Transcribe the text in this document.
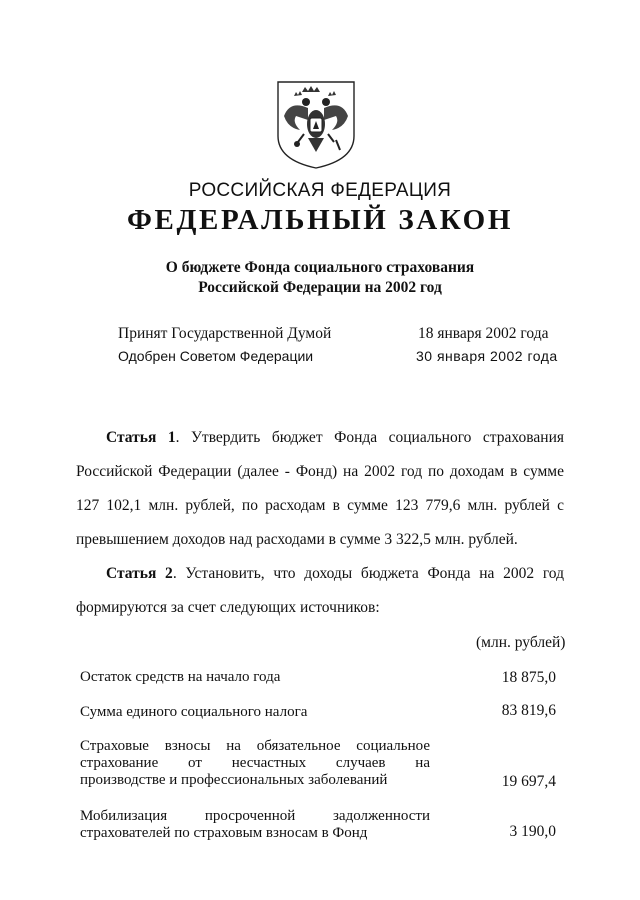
РОССИЙСКАЯ ФЕДЕРАЦИЯ
ФЕДЕРАЛЬНЫЙ ЗАКОН
О бюджете Фонда социального страхования
Российской Федерации на 2002 год
Принят Государственной Думой	18 января 2002 года
Одобрен Советом Федерации	30 января 2002 года

Статья 1. Утвердить бюджет Фонда социального страхования

Российской Федерации (далее - Фонд) на 2002 год по доходам в сумме

127 102,1 млн. рублей, по расходам в сумме 123 779,6 млн. рублей с

превышением доходов над расходами в сумме 3 322,5 млн. рублей.

Статья 2. Установить, что доходы бюджета Фонда на 2002 год

формируются за счет следующих источников:

(млн. рублей)
Остаток средств на начало года	18 875,0
Сумма единого социального налога	83 819,6
Страховые взносы на обязательное социальное
страхование от несчастных случаев на
производстве и профессиональных заболеваний	19 697,4
Мобилизация просроченной задолженности
страхователей по страховым взносам в Фонд	3 190,0
